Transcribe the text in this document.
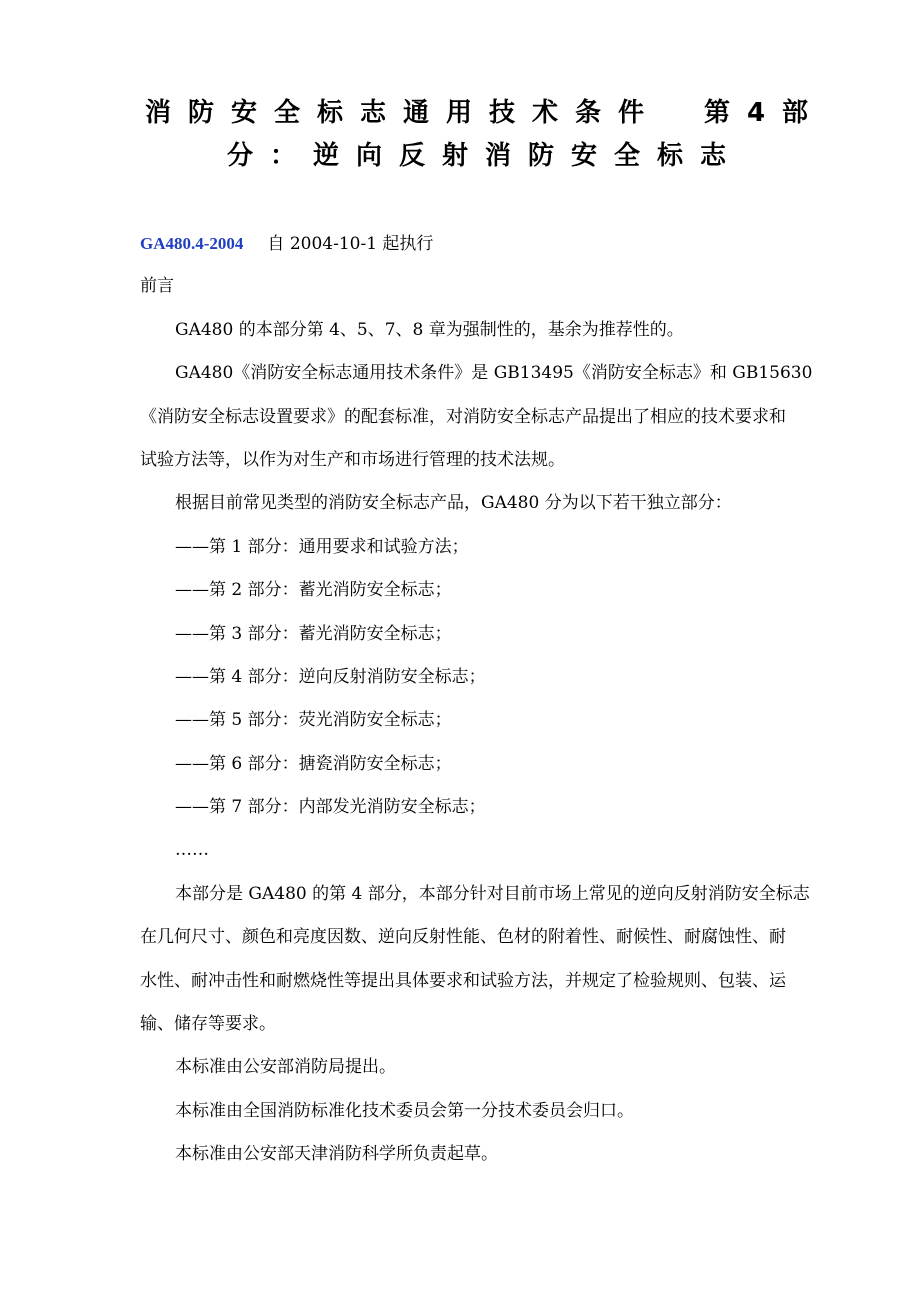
消防安全标志通用技术条件　第4部
分：逆向反射消防安全标志
GA480.4-2004 自 2004-10-1 起执行
前言
GA480 的本部分第 4、5、7、8 章为强制性的，基余为推荐性的。
GA480《消防安全标志通用技术条件》是 GB13495《消防安全标志》和 GB15630
《消防安全标志设置要求》的配套标准，对消防安全标志产品提出了相应的技术要求和
试验方法等，以作为对生产和市场进行管理的技术法规。
根据目前常见类型的消防安全标志产品，GA480 分为以下若干独立部分：
——第 1 部分：通用要求和试验方法；
——第 2 部分：蓄光消防安全标志；
——第 3 部分：蓄光消防安全标志；
——第 4 部分：逆向反射消防安全标志；
——第 5 部分：荧光消防安全标志；
——第 6 部分：搪瓷消防安全标志；
——第 7 部分：内部发光消防安全标志；
……
本部分是 GA480 的第 4 部分，本部分针对目前市场上常见的逆向反射消防安全标志
在几何尺寸、颜色和亮度因数、逆向反射性能、色材的附着性、耐候性、耐腐蚀性、耐
水性、耐冲击性和耐燃烧性等提出具体要求和试验方法，并规定了检验规则、包装、运
输、储存等要求。
本标准由公安部消防局提出。
本标准由全国消防标准化技术委员会第一分技术委员会归口。
本标准由公安部天津消防科学所负责起草。
